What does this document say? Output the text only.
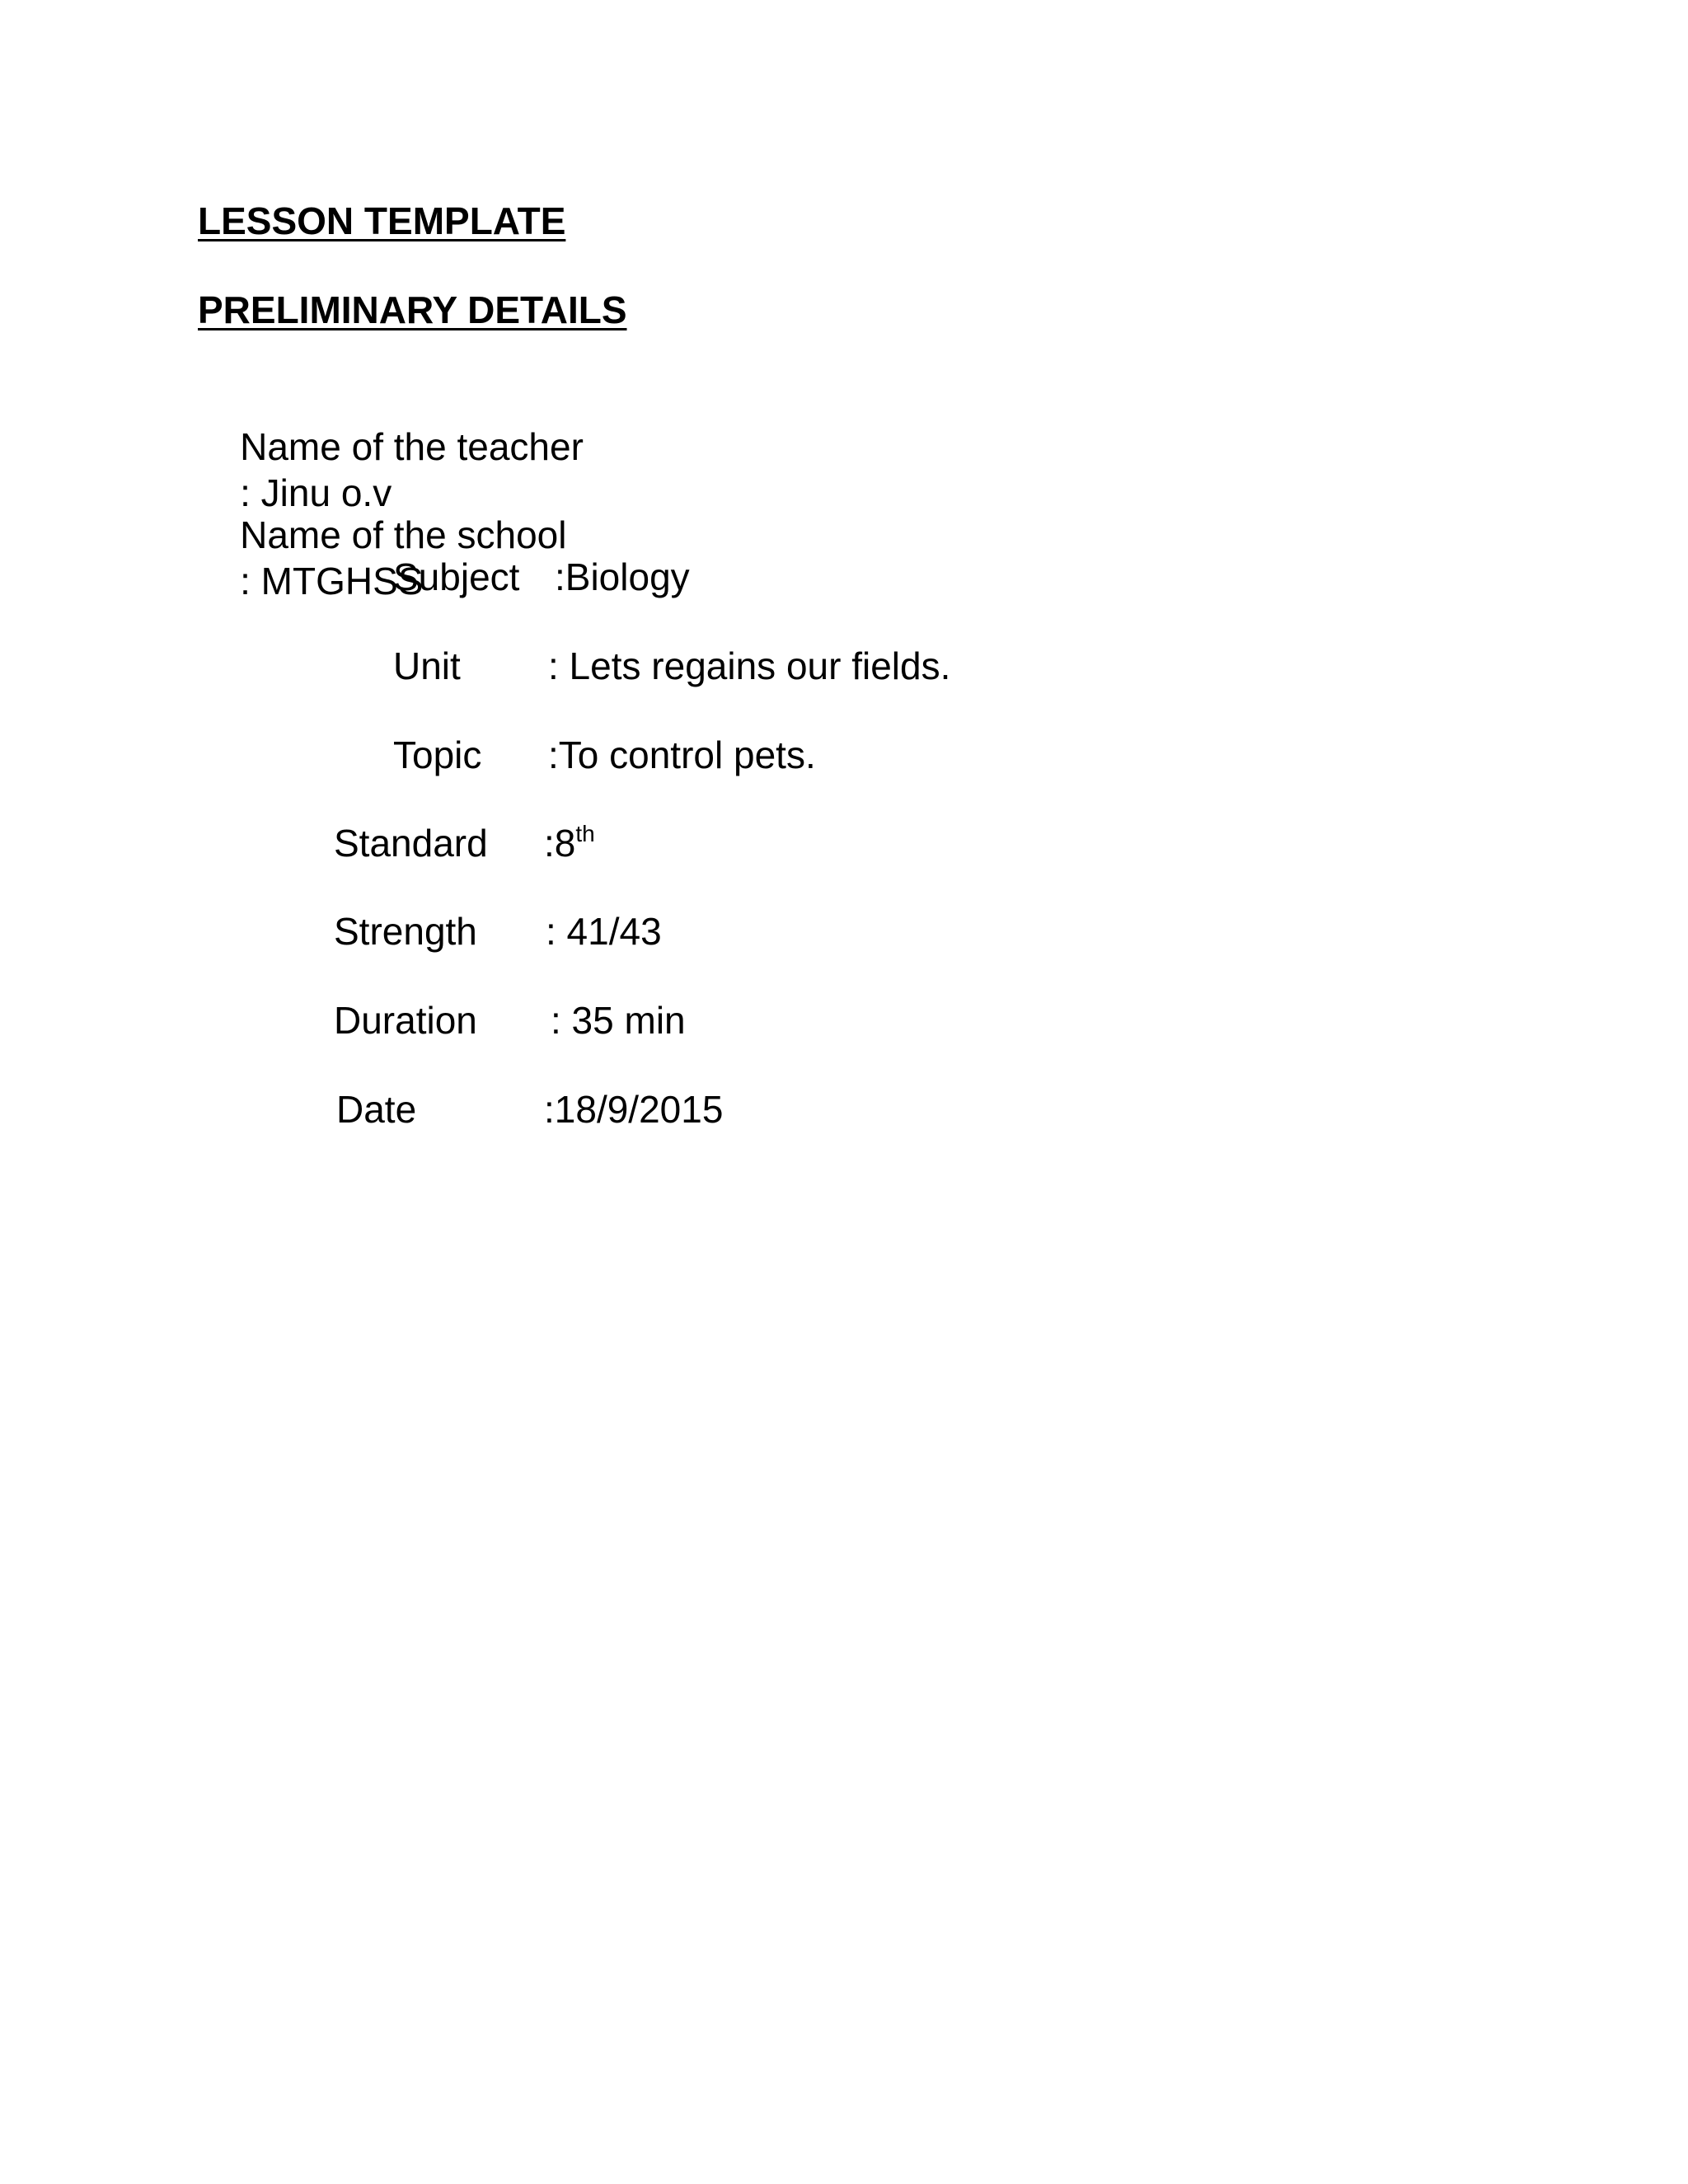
LESSON TEMPLATE
PRELIMINARY DETAILS

Name of the teacher
: Jinu o.v

Name of the school
: MTGHSS

Subject :Biology
Unit : Lets regains our fields.
Topic :To control pets.
Standard :8th
Strength : 41/43
Duration : 35 min
Date	:18/9/2015
